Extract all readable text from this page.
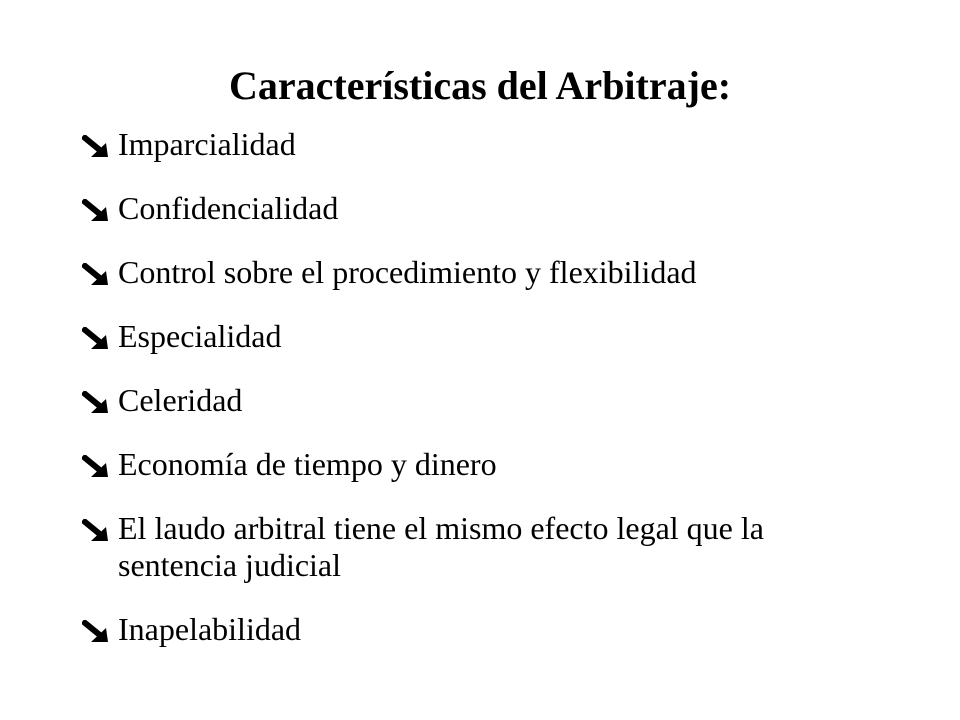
Características del Arbitraje:
Imparcialidad
Confidencialidad
Control sobre el procedimiento y flexibilidad
Especialidad
Celeridad
Economía de tiempo y dinero
El laudo arbitral tiene el mismo efecto legal que la sentencia judicial
Inapelabilidad
